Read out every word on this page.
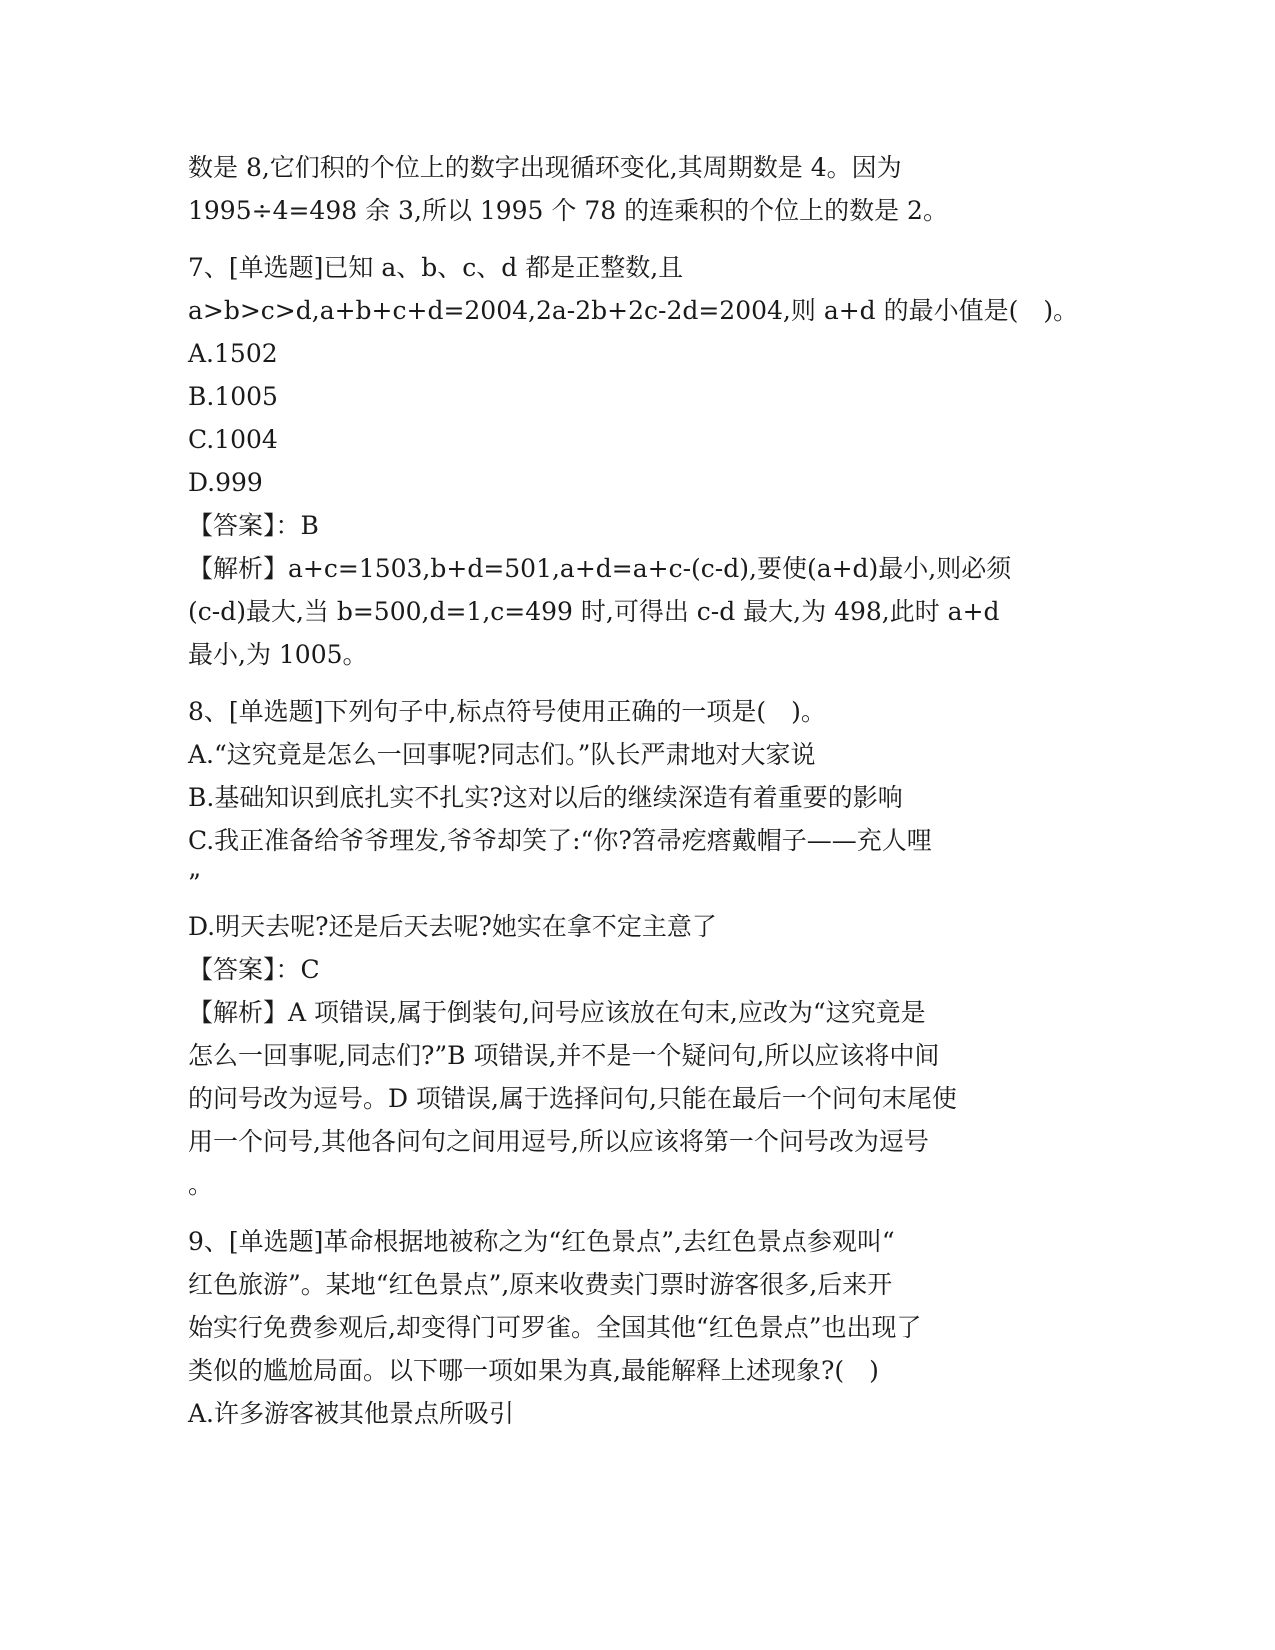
数是 8,它们积的个位上的数字出现循环变化,其周期数是 4。因为
1995÷4=498 余 3,所以 1995 个 78 的连乘积的个位上的数是 2。
7、[单选题]已知 a、b、c、d 都是正整数,且
a>b>c>d,a+b+c+d=2004,2a-2b+2c-2d=2004,则 a+d 的最小值是(　)。
A.1502
B.1005
C.1004
D.999
【答案】：B
【解析】a+c=1503,b+d=501,a+d=a+c-(c-d),要使(a+d)最小,则必须
(c-d)最大,当 b=500,d=1,c=499 时,可得出 c-d 最大,为 498,此时 a+d
最小,为 1005。
8、[单选题]下列句子中,标点符号使用正确的一项是(　)。
A.“这究竟是怎么一回事呢?同志们。”队长严肃地对大家说
B.基础知识到底扎实不扎实?这对以后的继续深造有着重要的影响
C.我正准备给爷爷理发,爷爷却笑了:“你?笤帚疙瘩戴帽子——充人哩
”
D.明天去呢?还是后天去呢?她实在拿不定主意了
【答案】：C
【解析】A 项错误,属于倒装句,问号应该放在句末,应改为“这究竟是
怎么一回事呢,同志们?”B 项错误,并不是一个疑问句,所以应该将中间
的问号改为逗号。D 项错误,属于选择问句,只能在最后一个问句末尾使
用一个问号,其他各问句之间用逗号,所以应该将第一个问号改为逗号
。
9、[单选题]革命根据地被称之为“红色景点”,去红色景点参观叫“
红色旅游”。某地“红色景点”,原来收费卖门票时游客很多,后来开
始实行免费参观后,却变得门可罗雀。全国其他“红色景点”也出现了
类似的尴尬局面。以下哪一项如果为真,最能解释上述现象?(　)
A.许多游客被其他景点所吸引
